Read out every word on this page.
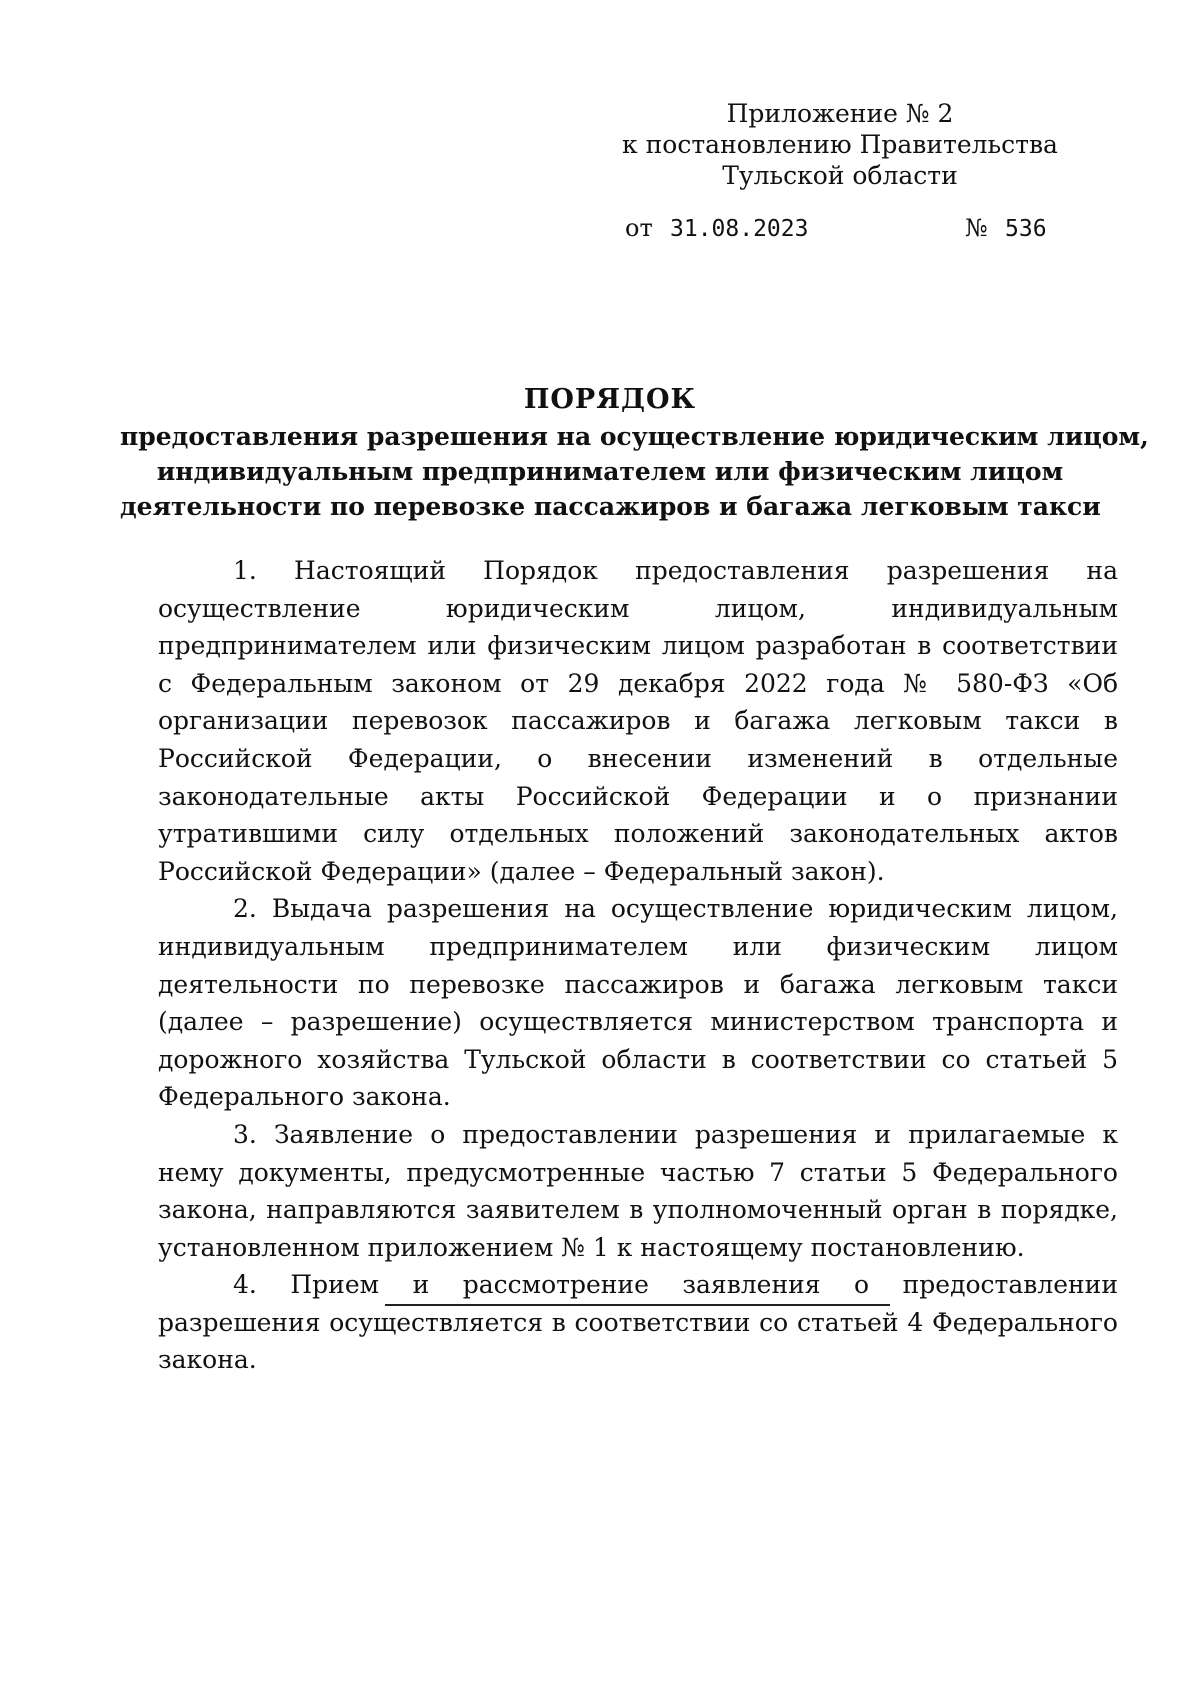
Приложение № 2
к постановлению Правительства
Тульской области
от 31.08.2023	№ 536
ПОРЯДОК
предоставления разрешения на осуществление юридическим лицом,
индивидуальным предпринимателем или физическим лицом
деятельности по перевозке пассажиров и багажа легковым такси

1. Настоящий Порядок предоставления разрешения на осуществление юридическим лицом, индивидуальным предпринимателем или физическим лицом разработан в соответствии с Федеральным законом от 29 декабря 2022 года № 580-ФЗ «Об организации перевозок пассажиров и багажа легковым такси в Российской Федерации, о внесении изменений в отдельные законодательные акты Российской Федерации и о признании утратившими силу отдельных положений законодательных актов Российской Федерации» (далее – Федеральный закон).

2. Выдача разрешения на осуществление юридическим лицом, индивидуальным предпринимателем или физическим лицом деятельности по перевозке пассажиров и багажа легковым такси (далее – разрешение) осуществляется министерством транспорта и дорожного хозяйства Тульской области в соответствии со статьей 5 Федерального закона.

3. Заявление о предоставлении разрешения и прилагаемые к нему документы, предусмотренные частью 7 статьи 5 Федерального закона, направляются заявителем в уполномоченный орган в порядке, установленном приложением № 1 к настоящему постановлению.

4. Прием и рассмотрение заявления о предоставлении разрешения осуществляется в соответствии со статьей 4 Федерального закона.
